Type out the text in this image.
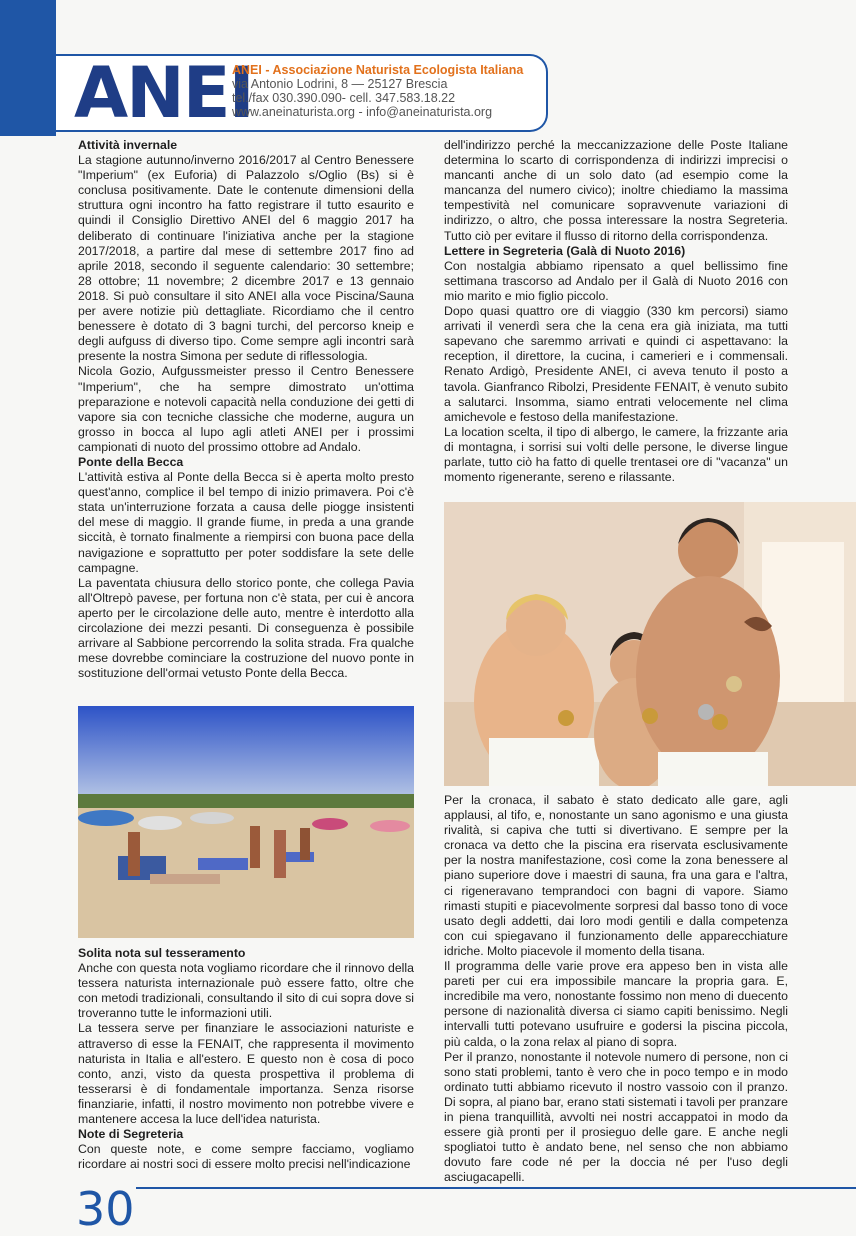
ANEI
ANEI - Associazione Naturista Ecologista Italiana
via Antonio Lodrini, 8 — 25127 Brescia
tel./fax 030.390.090- cell. 347.583.18.22
www.aneinaturista.org - info@aneinaturista.org
Attività invernale

La stagione autunno/inverno 2016/2017 al Centro Benessere "Imperium" (ex Euforia) di Palazzolo s/Oglio (Bs) si è conclusa positivamente. Date le contenute dimensioni della struttura ogni incontro ha fatto registrare il tutto esaurito e quindi il Consiglio Direttivo ANEI del 6 maggio 2017 ha deliberato di continuare l'iniziativa anche per la stagione 2017/2018, a partire dal mese di settembre 2017 fino ad aprile 2018, secondo il seguente calendario: 30 settembre; 28 ottobre; 11 novembre; 2 dicembre 2017 e 13 gennaio 2018. Si può consultare il sito ANEI alla voce Piscina/Sauna per avere notizie più dettagliate. Ricordiamo che il centro benessere è dotato di 3 bagni turchi, del percorso kneip e degli aufguss di diverso tipo. Come sempre agli incontri sarà presente la nostra Simona per sedute di riflessologia.

Nicola Gozio, Aufgussmeister presso il Centro Benessere "Imperium", che ha sempre dimostrato un'ottima preparazione e notevoli capacità nella conduzione dei getti di vapore sia con tecniche classiche che moderne, augura un grosso in bocca al lupo agli atleti ANEI per i prossimi campionati di nuoto del prossimo ottobre ad Andalo.

Ponte della Becca

L'attività estiva al Ponte della Becca si è aperta molto presto quest'anno, complice il bel tempo di inizio primavera. Poi c'è stata un'interruzione forzata a causa delle piogge insistenti del mese di maggio. Il grande fiume, in preda a una grande siccità, è tornato finalmente a riempirsi con buona pace della navigazione e soprattutto per poter soddisfare la sete delle campagne.

La paventata chiusura dello storico ponte, che collega Pavia all'Oltrepò pavese, per fortuna non c'è stata, per cui è ancora aperto per le circolazione delle auto, mentre è interdotto alla circolazione dei mezzi pesanti. Di conseguenza è possibile arrivare al Sabbione percorrendo la solita strada. Fra qualche mese dovrebbe cominciare la costruzione del nuovo ponte in sostituzione dell'ormai vetusto Ponte della Becca.

Solita nota sul tesseramento

Anche con questa nota vogliamo ricordare che il rinnovo della tessera naturista internazionale può essere fatto, oltre che con metodi tradizionali, consultando il sito di cui sopra dove si troveranno tutte le informazioni utili.

La tessera serve per finanziare le associazioni naturiste e attraverso di esse la FENAIT, che rappresenta il movimento naturista in Italia e all'estero. E questo non è cosa di poco conto, anzi, visto da questa prospettiva il problema di tesserarsi è di fondamentale importanza. Senza risorse finanziarie, infatti, il nostro movimento non potrebbe vivere e mantenere accesa la luce dell'idea naturista.

Note di Segreteria

Con queste note, e come sempre facciamo, vogliamo ricordare ai nostri soci di essere molto precisi nell'indicazione

dell'indirizzo perché la meccanizzazione delle Poste Italiane determina lo scarto di corrispondenza di indirizzi imprecisi o mancanti anche di un solo dato (ad esempio come la mancanza del numero civico); inoltre chiediamo la massima tempestività nel comunicare sopravvenute variazioni di indirizzo, o altro, che possa interessare la nostra Segreteria. Tutto ciò per evitare il flusso di ritorno della corrispondenza.

Lettere in Segreteria (Galà di Nuoto 2016)

Con nostalgia abbiamo ripensato a quel bellissimo fine settimana trascorso ad Andalo per il Galà di Nuoto 2016 con mio marito e mio figlio piccolo.

Dopo quasi quattro ore di viaggio (330 km percorsi) siamo arrivati il venerdì sera che la cena era già iniziata, ma tutti sapevano che saremmo arrivati e quindi ci aspettavano: la reception, il direttore, la cucina, i camerieri e i commensali. Renato Ardigò, Presidente ANEI, ci aveva tenuto il posto a tavola. Gianfranco Ribolzi, Presidente FENAIT, è venuto subito a salutarci. Insomma, siamo entrati velocemente nel clima amichevole e festoso della manifestazione.

La location scelta, il tipo di albergo, le camere, la frizzante aria di montagna, i sorrisi sui volti delle persone, le diverse lingue parlate, tutto ciò ha fatto di quelle trentasei ore di "vacanza" un momento rigenerante, sereno e rilassante.

Per la cronaca, il sabato è stato dedicato alle gare, agli applausi, al tifo, e, nonostante un sano agonismo e una giusta rivalità, si capiva che tutti si divertivano. E sempre per la cronaca va detto che la piscina era riservata esclusivamente per la nostra manifestazione, così come la zona benessere al piano superiore dove i maestri di sauna, fra una gara e l'altra, ci rigeneravano temprandoci con bagni di vapore. Siamo rimasti stupiti e piacevolmente sorpresi dal basso tono di voce usato degli addetti, dai loro modi gentili e dalla competenza con cui spiegavano il funzionamento delle apparecchiature idriche. Molto piacevole il momento della tisana.

Il programma delle varie prove era appeso ben in vista alle pareti per cui era impossibile mancare la propria gara. E, incredibile ma vero, nonostante fossimo non meno di duecento persone di nazionalità diversa ci siamo capiti benissimo. Negli intervalli tutti potevano usufruire e godersi la piscina piccola, più calda, o la zona relax al piano di sopra.

Per il pranzo, nonostante il notevole numero di persone, non ci sono stati problemi, tanto è vero che in poco tempo e in modo ordinato tutti abbiamo ricevuto il nostro vassoio con il pranzo. Di sopra, al piano bar, erano stati sistemati i tavoli per pranzare in piena tranquillità, avvolti nei nostri accappatoi in modo da essere già pronti per il prosieguo delle gare. E anche negli spogliatoi tutto è andato bene, nel senso che non abbiamo dovuto fare code né per la doccia né per l'uso degli asciugacapelli.

30
